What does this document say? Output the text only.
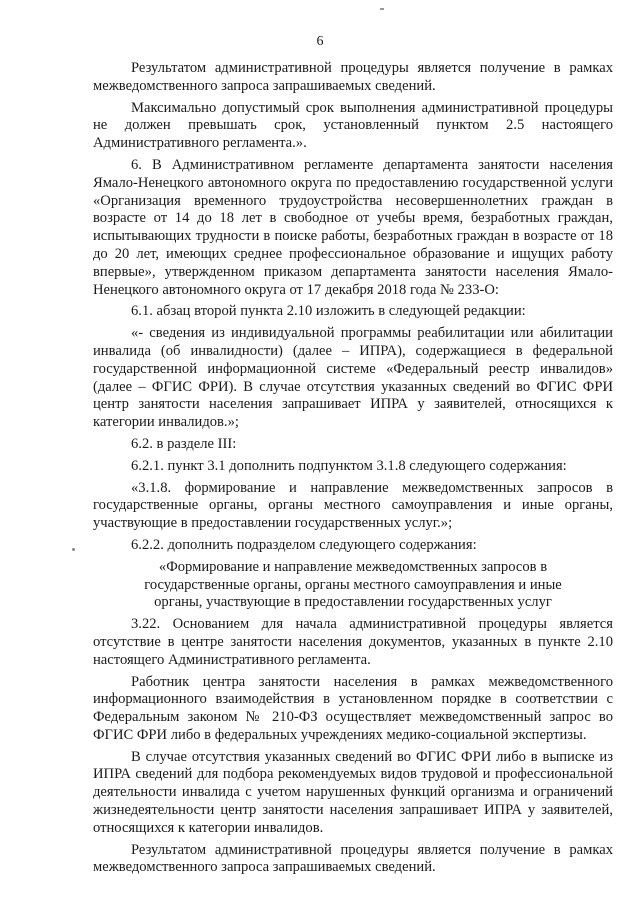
6

Результатом административной процедуры является получение в рамках межведомственного запроса запрашиваемых сведений.

Максимально допустимый срок выполнения административной процедуры не должен превышать срок, установленный пунктом 2.5 настоящего Административного регламента.».

6. В Административном регламенте департамента занятости населения Ямало-Ненецкого автономного округа по предоставлению государственной услуги «Организация временного трудоустройства несовершеннолетних граждан в возрасте от 14 до 18 лет в свободное от учебы время, безработных граждан, испытывающих трудности в поиске работы, безработных граждан в возрасте от 18 до 20 лет, имеющих среднее профессиональное образование и ищущих работу впервые», утвержденном приказом департамента занятости населения Ямало-Ненецкого автономного округа от 17 декабря 2018 года № 233-О:

6.1. абзац второй пункта 2.10 изложить в следующей редакции:

«- сведения из индивидуальной программы реабилитации или абилитации инвалида (об инвалидности) (далее – ИПРА), содержащиеся в федеральной государственной информационной системе «Федеральный реестр инвалидов» (далее – ФГИС ФРИ). В случае отсутствия указанных сведений во ФГИС ФРИ центр занятости населения запрашивает ИПРА у заявителей, относящихся к категории инвалидов.»;

6.2. в разделе III:

6.2.1. пункт 3.1 дополнить подпунктом 3.1.8 следующего содержания:

«3.1.8. формирование и направление межведомственных запросов в государственные органы, органы местного самоуправления и иные органы, участвующие в предоставлении государственных услуг.»;

6.2.2. дополнить подразделом следующего содержания:

«Формирование и направление межведомственных запросов в государственные органы, органы местного самоуправления и иные органы, участвующие в предоставлении государственных услуг

3.22. Основанием для начала административной процедуры является отсутствие в центре занятости населения документов, указанных в пункте 2.10 настоящего Административного регламента.

Работник центра занятости населения в рамках межведомственного информационного взаимодействия в установленном порядке в соответствии с Федеральным законом № 210-ФЗ осуществляет межведомственный запрос во ФГИС ФРИ либо в федеральных учреждениях медико-социальной экспертизы.

В случае отсутствия указанных сведений во ФГИС ФРИ либо в выписке из ИПРА сведений для подбора рекомендуемых видов трудовой и профессиональной деятельности инвалида с учетом нарушенных функций организма и ограничений жизнедеятельности центр занятости населения запрашивает ИПРА у заявителей, относящихся к категории инвалидов.

Результатом административной процедуры является получение в рамках межведомственного запроса запрашиваемых сведений.
